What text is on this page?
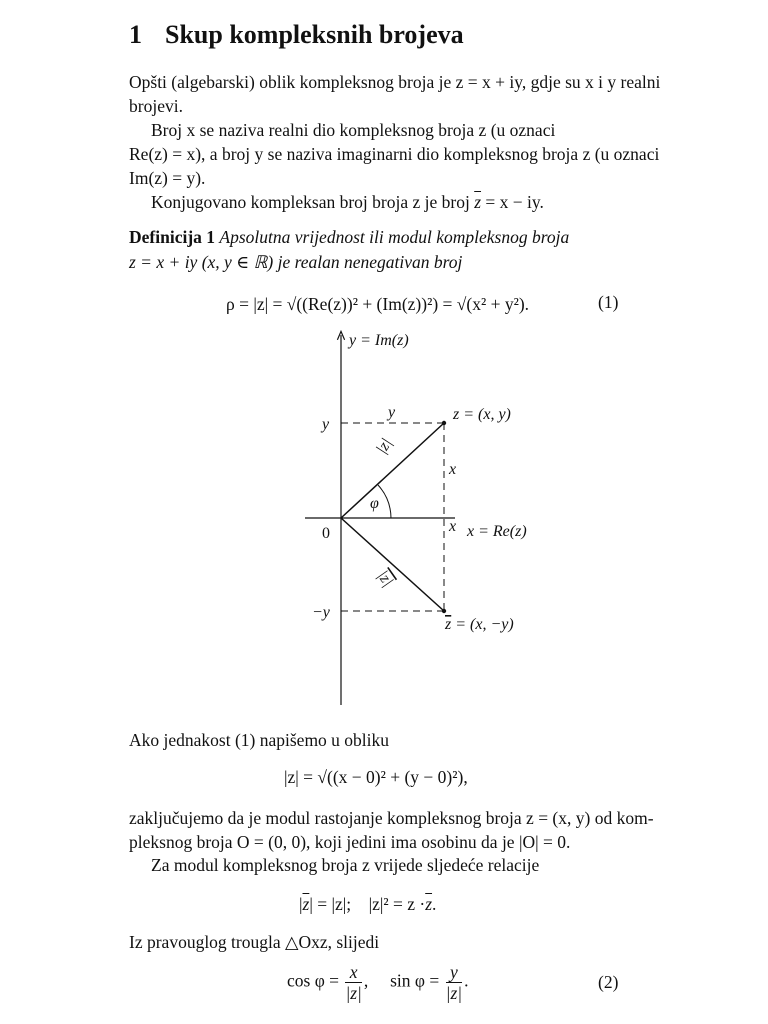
1 Skup kompleksnih brojeva
Opšti (algebarski) oblik kompleksnog broja je z = x + iy, gdje su x i y realni
brojevi.
Broj x se naziva realni dio kompleksnog broja z (u oznaci
Re(z) = x), a broj y se naziva imaginarni dio kompleksnog broja z (u oznaci
Im(z) = y).
Konjugovano kompleksan broj broja z je broj $\overline{z} = x$ − iy.
Definicija 1 Apsolutna vrijednost ili modul kompleksnog broja
z = x + iy (x, y ∈ ℝ) je realan nenegativan broj
ρ = |z| = √((Re(z))² + (Im(z))²) = √(x² + y²).	(1)
y = Im(z)
x = Re(z)
0
y
−y
y
x
x
z = (x, y)
z = (x, −y)
|z|
|z|
φ
Ako jednakost (1) napišemo u obliku
|z| = √((x − 0)² + (y − 0)²),
zaključujemo da je modul rastojanje kompleksnog broja z = (x, y) od kom-
pleksnog broja O = (0, 0), koji jedini ima osobinu da je |O| = 0.
Za modul kompleksnog broja z vrijede sljedeće relacije
$|\overline{z}| = |z|$; $|z|^2 = z \cdot\overline{z}$.
Iz pravouglog trougla △Oxz, slijedi
$\cos \varphi = \frac{x}{|z|}$ ,     $\sin \varphi = \frac{y}{|z|}$ .	(2)
